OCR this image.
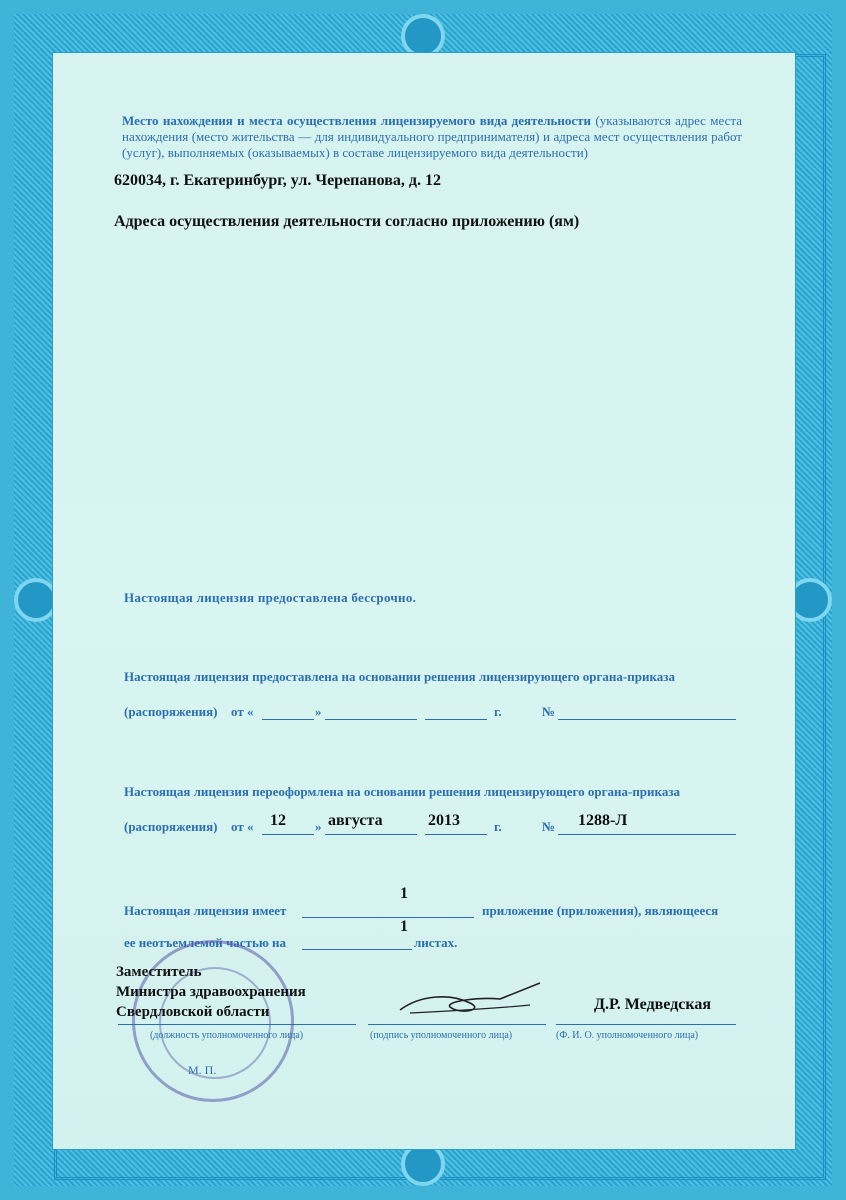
Место нахождения и места осуществления лицензируемого вида деятельности (указываются адрес места нахождения (место жительства — для индивидуального предпринимателя) и адреса мест осуществления работ (услуг), выполняемых (оказываемых) в составе лицензируемого вида деятельности)
620034, г. Екатеринбург, ул. Черепанова, д. 12
Адреса осуществления деятельности согласно приложению (ям)
Настоящая лицензия предоставлена бессрочно.
Настоящая лицензия предоставлена на основании решения лицензирующего органа-приказа
(распоряжения) от «	»	г.	№
Настоящая лицензия переоформлена на основании решения лицензирующего органа-приказа
(распоряжения) от « 12 » августа	2013	г.	№ 1288-Л
Настоящая лицензия имеет
1
приложение (приложения), являющееся
ее неотъемлемой частью на
1
листах.
Заместитель
Министра здравоохранения
Свердловской области	Д.Р. Медведская
(должность уполномоченного лица)	(подпись уполномоченного лица)	(Ф. И. О. уполномоченного лица)
М. П.
